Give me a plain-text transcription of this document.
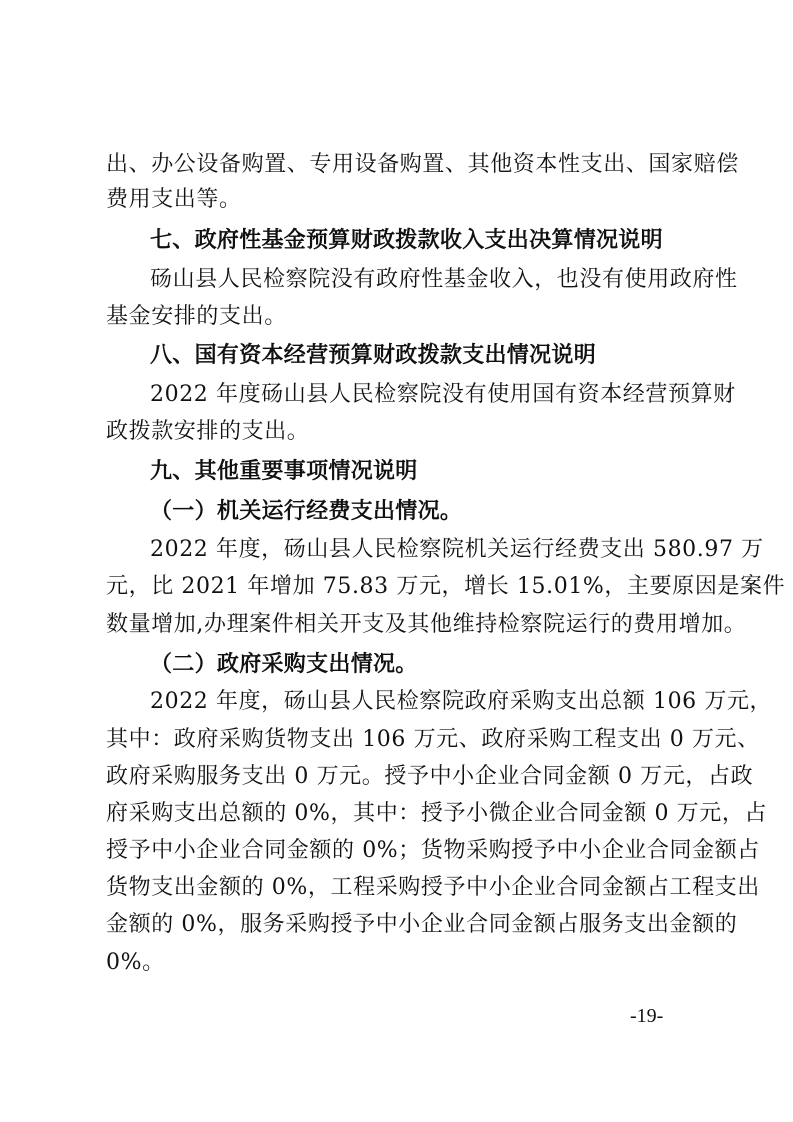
出、办公设备购置、专用设备购置、其他资本性支出、国家赔偿
费用支出等。
七、政府性基金预算财政拨款收入支出决算情况说明
砀山县人民检察院没有政府性基金收入，也没有使用政府性
基金安排的支出。
八、国有资本经营预算财政拨款支出情况说明
2022 年度砀山县人民检察院没有使用国有资本经营预算财
政拨款安排的支出。
九、其他重要事项情况说明
（一）机关运行经费支出情况。
2022 年度，砀山县人民检察院机关运行经费支出 580.97 万
元，比 2021 年增加 75.83 万元，增长 15.01%，主要原因是案件
数量增加,办理案件相关开支及其他维持检察院运行的费用增加。
（二）政府采购支出情况。
2022 年度，砀山县人民检察院政府采购支出总额 106 万元，
其中：政府采购货物支出 106 万元、政府采购工程支出 0 万元、
政府采购服务支出 0 万元。授予中小企业合同金额 0 万元，占政
府采购支出总额的 0%，其中：授予小微企业合同金额 0 万元，占
授予中小企业合同金额的 0%；货物采购授予中小企业合同金额占
货物支出金额的 0%，工程采购授予中小企业合同金额占工程支出
金额的 0%，服务采购授予中小企业合同金额占服务支出金额的
0%。
-19-
